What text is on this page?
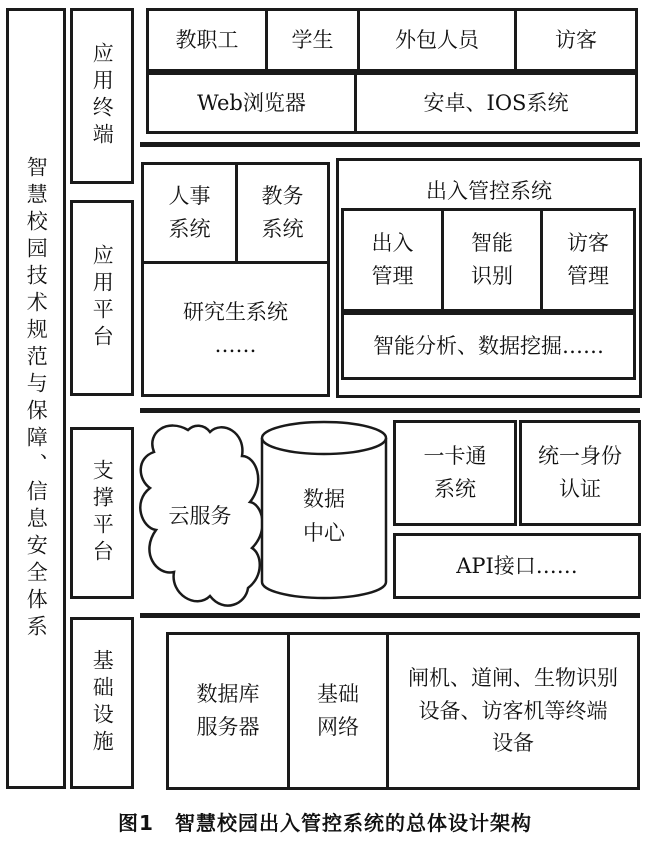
智慧校园技术规范与保障、信息安全体系
应用终端
应用平台
支撑平台
基础设施
教职工	学生	外包人员	访客
Web浏览器	安卓、IOS系统
人事
系统
教务
系统
研究生系统
……
出入管控系统
出入
管理
智能
识别
访客
管理
智能分析、数据挖掘……
云服务
数据中心
一卡通
系统
统一身份
认证
API接口……
数据库
服务器
基础
网络
闸机、道闸、生物识别
设备、访客机等终端
设备
图1　智慧校园出入管控系统的总体设计架构
